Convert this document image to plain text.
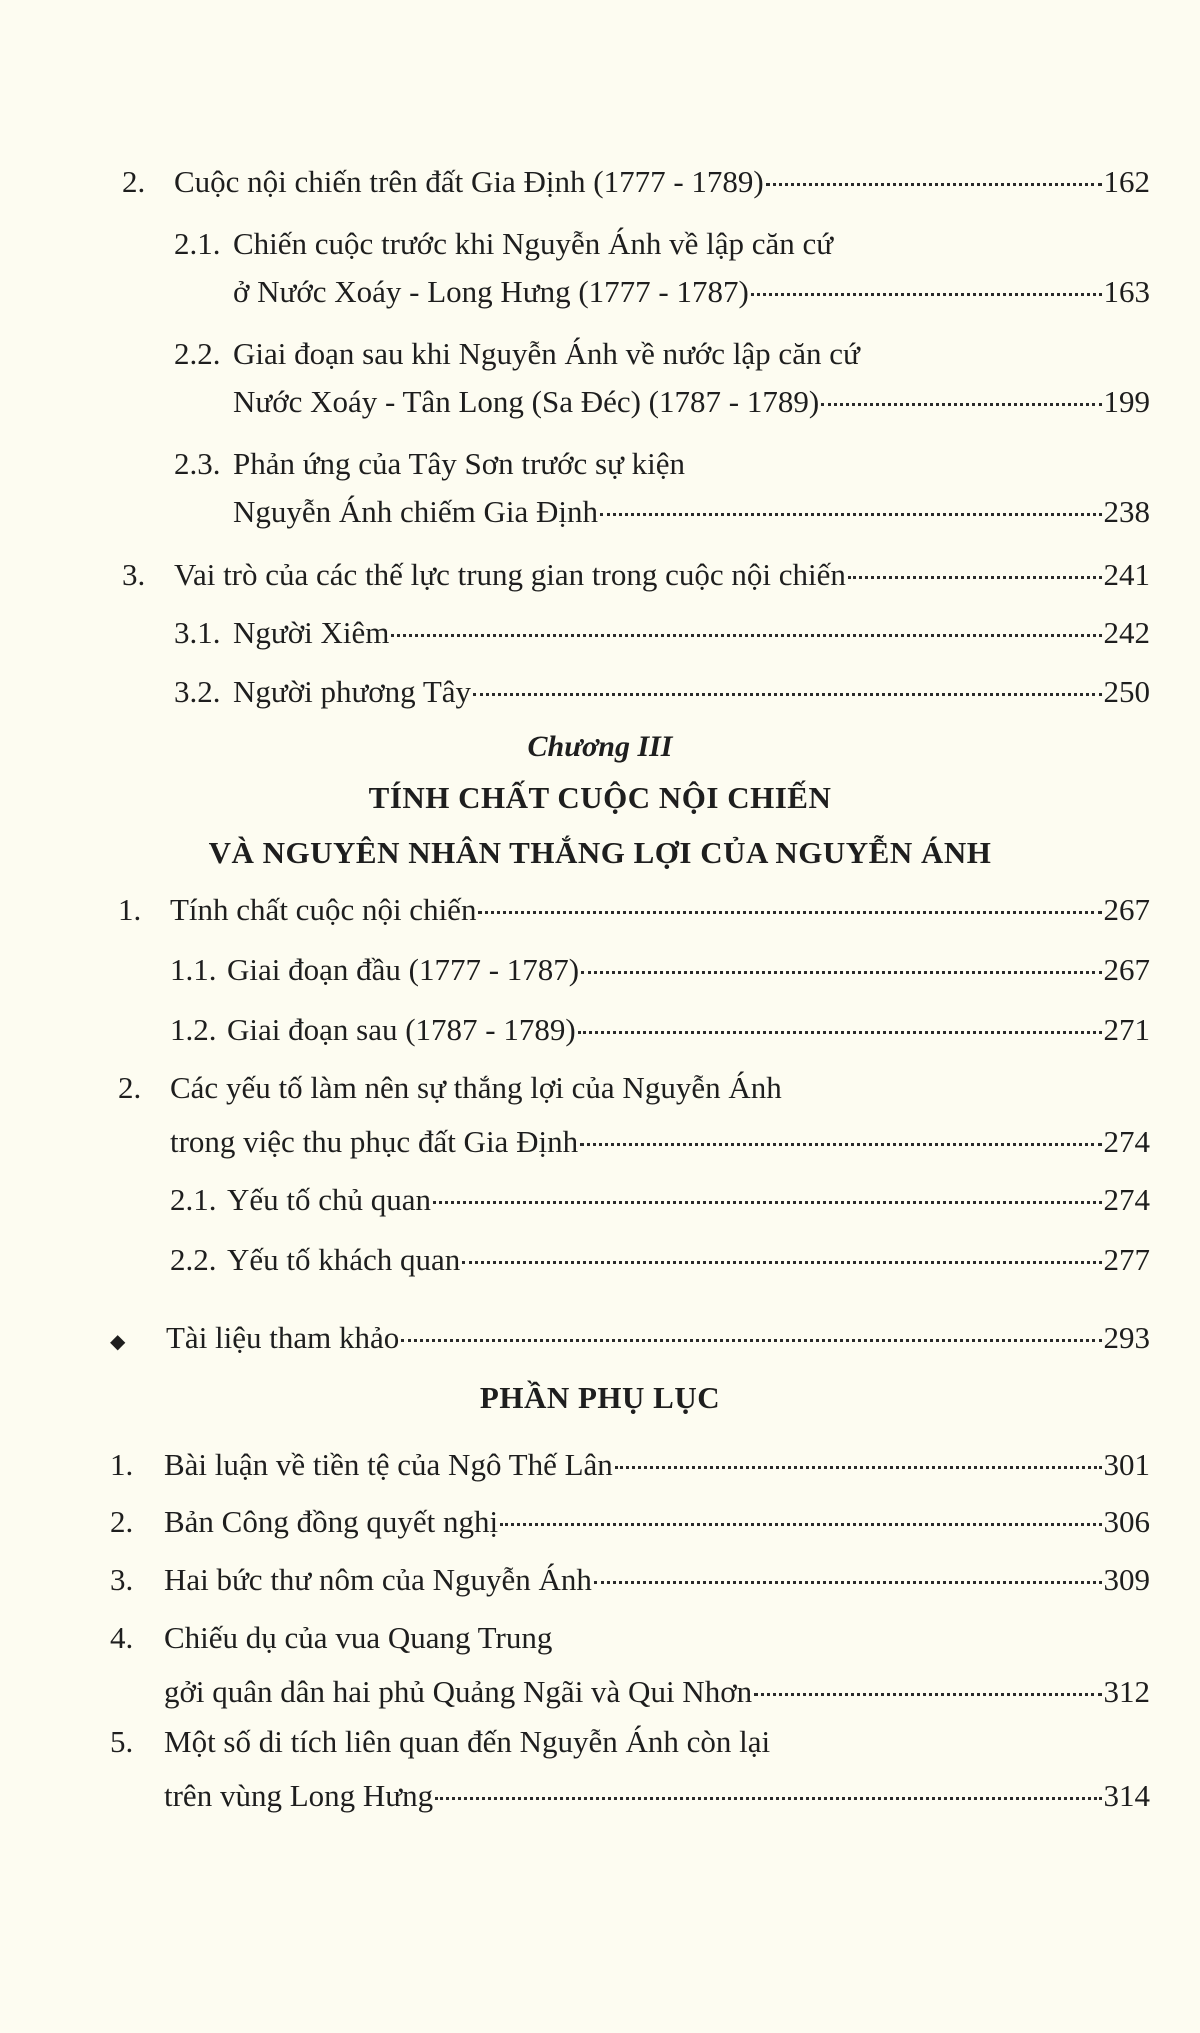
2. Cuộc nội chiến trên đất Gia Định (1777 - 1789)	162
2.1. Chiến cuộc trước khi Nguyễn Ánh về lập căn cứ
ở Nước Xoáy - Long Hưng (1777 - 1787)	163
2.2. Giai đoạn sau khi Nguyễn Ánh về nước lập căn cứ
Nước Xoáy - Tân Long (Sa Đéc) (1787 - 1789)	199
2.3. Phản ứng của Tây Sơn trước sự kiện
Nguyễn Ánh chiếm Gia Định	238
3. Vai trò của các thế lực trung gian trong cuộc nội chiến	241
3.1. Người Xiêm	242
3.2. Người phương Tây	250
Chương III
TÍNH CHẤT CUỘC NỘI CHIẾN
VÀ NGUYÊN NHÂN THẮNG LỢI CỦA NGUYỄN ÁNH
1. Tính chất cuộc nội chiến	267
1.1. Giai đoạn đầu (1777 - 1787)	267
1.2. Giai đoạn sau (1787 - 1789)	271
2. Các yếu tố làm nên sự thắng lợi của Nguyễn Ánh
trong việc thu phục đất Gia Định	274
2.1. Yếu tố chủ quan	274
2.2. Yếu tố khách quan	277
◆ Tài liệu tham khảo	293
PHẦN PHỤ LỤC
1. Bài luận về tiền tệ của Ngô Thế Lân	301
2. Bản Công đồng quyết nghị	306
3. Hai bức thư nôm của Nguyễn Ánh	309
4. Chiếu dụ của vua Quang Trung
gởi quân dân hai phủ Quảng Ngãi và Qui Nhơn	312
5. Một số di tích liên quan đến Nguyễn Ánh còn lại
trên vùng Long Hưng	314
